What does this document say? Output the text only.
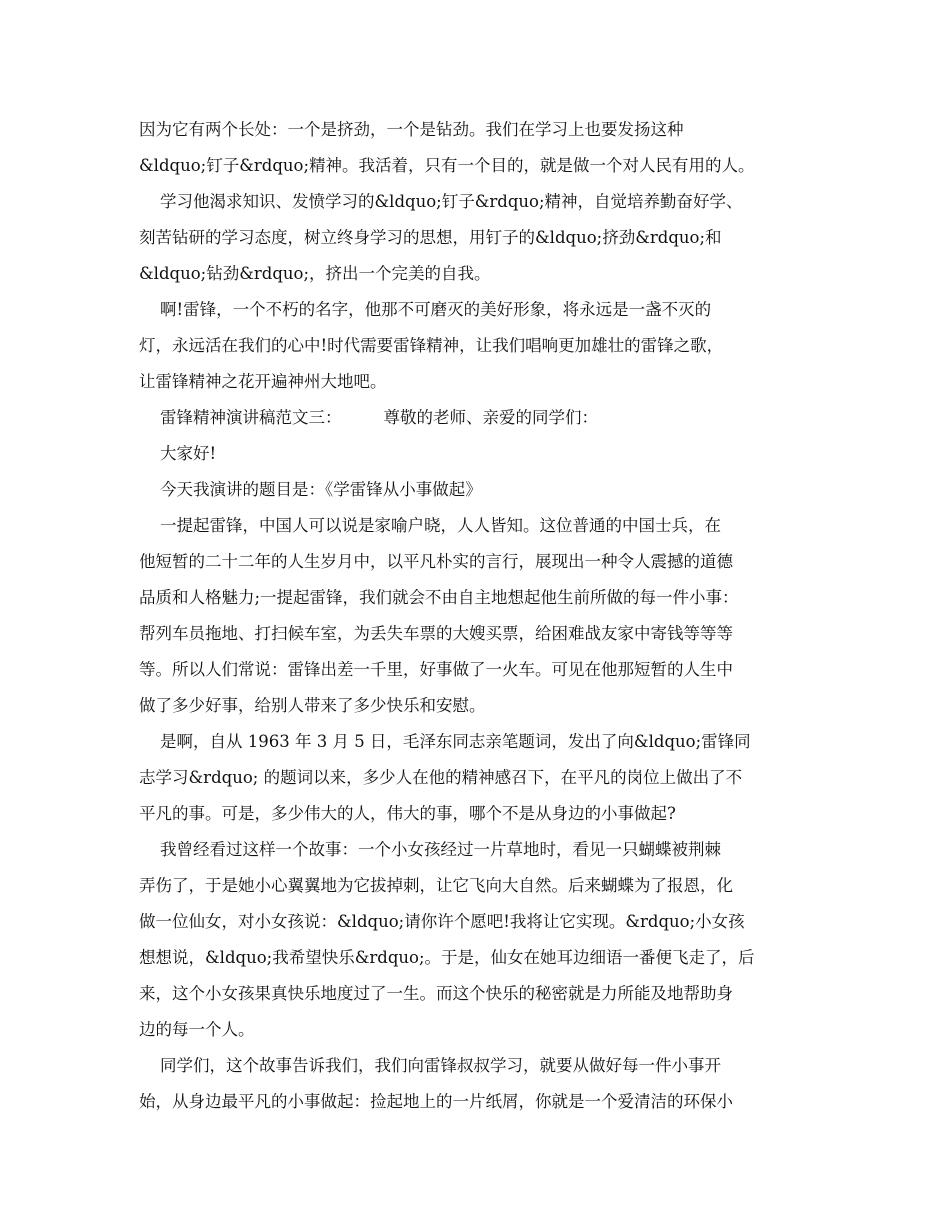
因为它有两个长处：一个是挤劲，一个是钻劲。我们在学习上也要发扬这种
&ldquo;钉子&rdquo;精神。我活着，只有一个目的，就是做一个对人民有用的人。
学习他渴求知识、发愤学习的&ldquo;钉子&rdquo;精神，自觉培养勤奋好学、
刻苦钻研的学习态度，树立终身学习的思想，用钉子的&ldquo;挤劲&rdquo;和
&ldquo;钻劲&rdquo;，挤出一个完美的自我。
啊!雷锋，一个不朽的名字，他那不可磨灭的美好形象，将永远是一盏不灭的
灯，永远活在我们的心中!时代需要雷锋精神，让我们唱响更加雄壮的雷锋之歌，
让雷锋精神之花开遍神州大地吧。
雷锋精神演讲稿范文三：        尊敬的老师、亲爱的同学们：
大家好!
今天我演讲的题目是：《学雷锋从小事做起》
一提起雷锋，中国人可以说是家喻户晓，人人皆知。这位普通的中国士兵，在
他短暂的二十二年的人生岁月中，以平凡朴实的言行，展现出一种令人震撼的道德
品质和人格魅力;一提起雷锋，我们就会不由自主地想起他生前所做的每一件小事：
帮列车员拖地、打扫候车室，为丢失车票的大嫂买票，给困难战友家中寄钱等等等
等。所以人们常说：雷锋出差一千里，好事做了一火车。可见在他那短暂的人生中
做了多少好事，给别人带来了多少快乐和安慰。
是啊，自从 1963 年 3 月 5 日，毛泽东同志亲笔题词，发出了向&ldquo;雷锋同
志学习&rdquo; 的题词以来，多少人在他的精神感召下，在平凡的岗位上做出了不
平凡的事。可是，多少伟大的人，伟大的事，哪个不是从身边的小事做起?
我曾经看过这样一个故事：一个小女孩经过一片草地时，看见一只蝴蝶被荆棘
弄伤了，于是她小心翼翼地为它拔掉刺，让它飞向大自然。后来蝴蝶为了报恩，化
做一位仙女，对小女孩说：&ldquo;请你许个愿吧!我将让它实现。&rdquo;小女孩
想想说，&ldquo;我希望快乐&rdquo;。于是，仙女在她耳边细语一番便飞走了，后
来，这个小女孩果真快乐地度过了一生。而这个快乐的秘密就是力所能及地帮助身
边的每一个人。
同学们，这个故事告诉我们，我们向雷锋叔叔学习，就要从做好每一件小事开
始，从身边最平凡的小事做起：捡起地上的一片纸屑，你就是一个爱清洁的环保小
